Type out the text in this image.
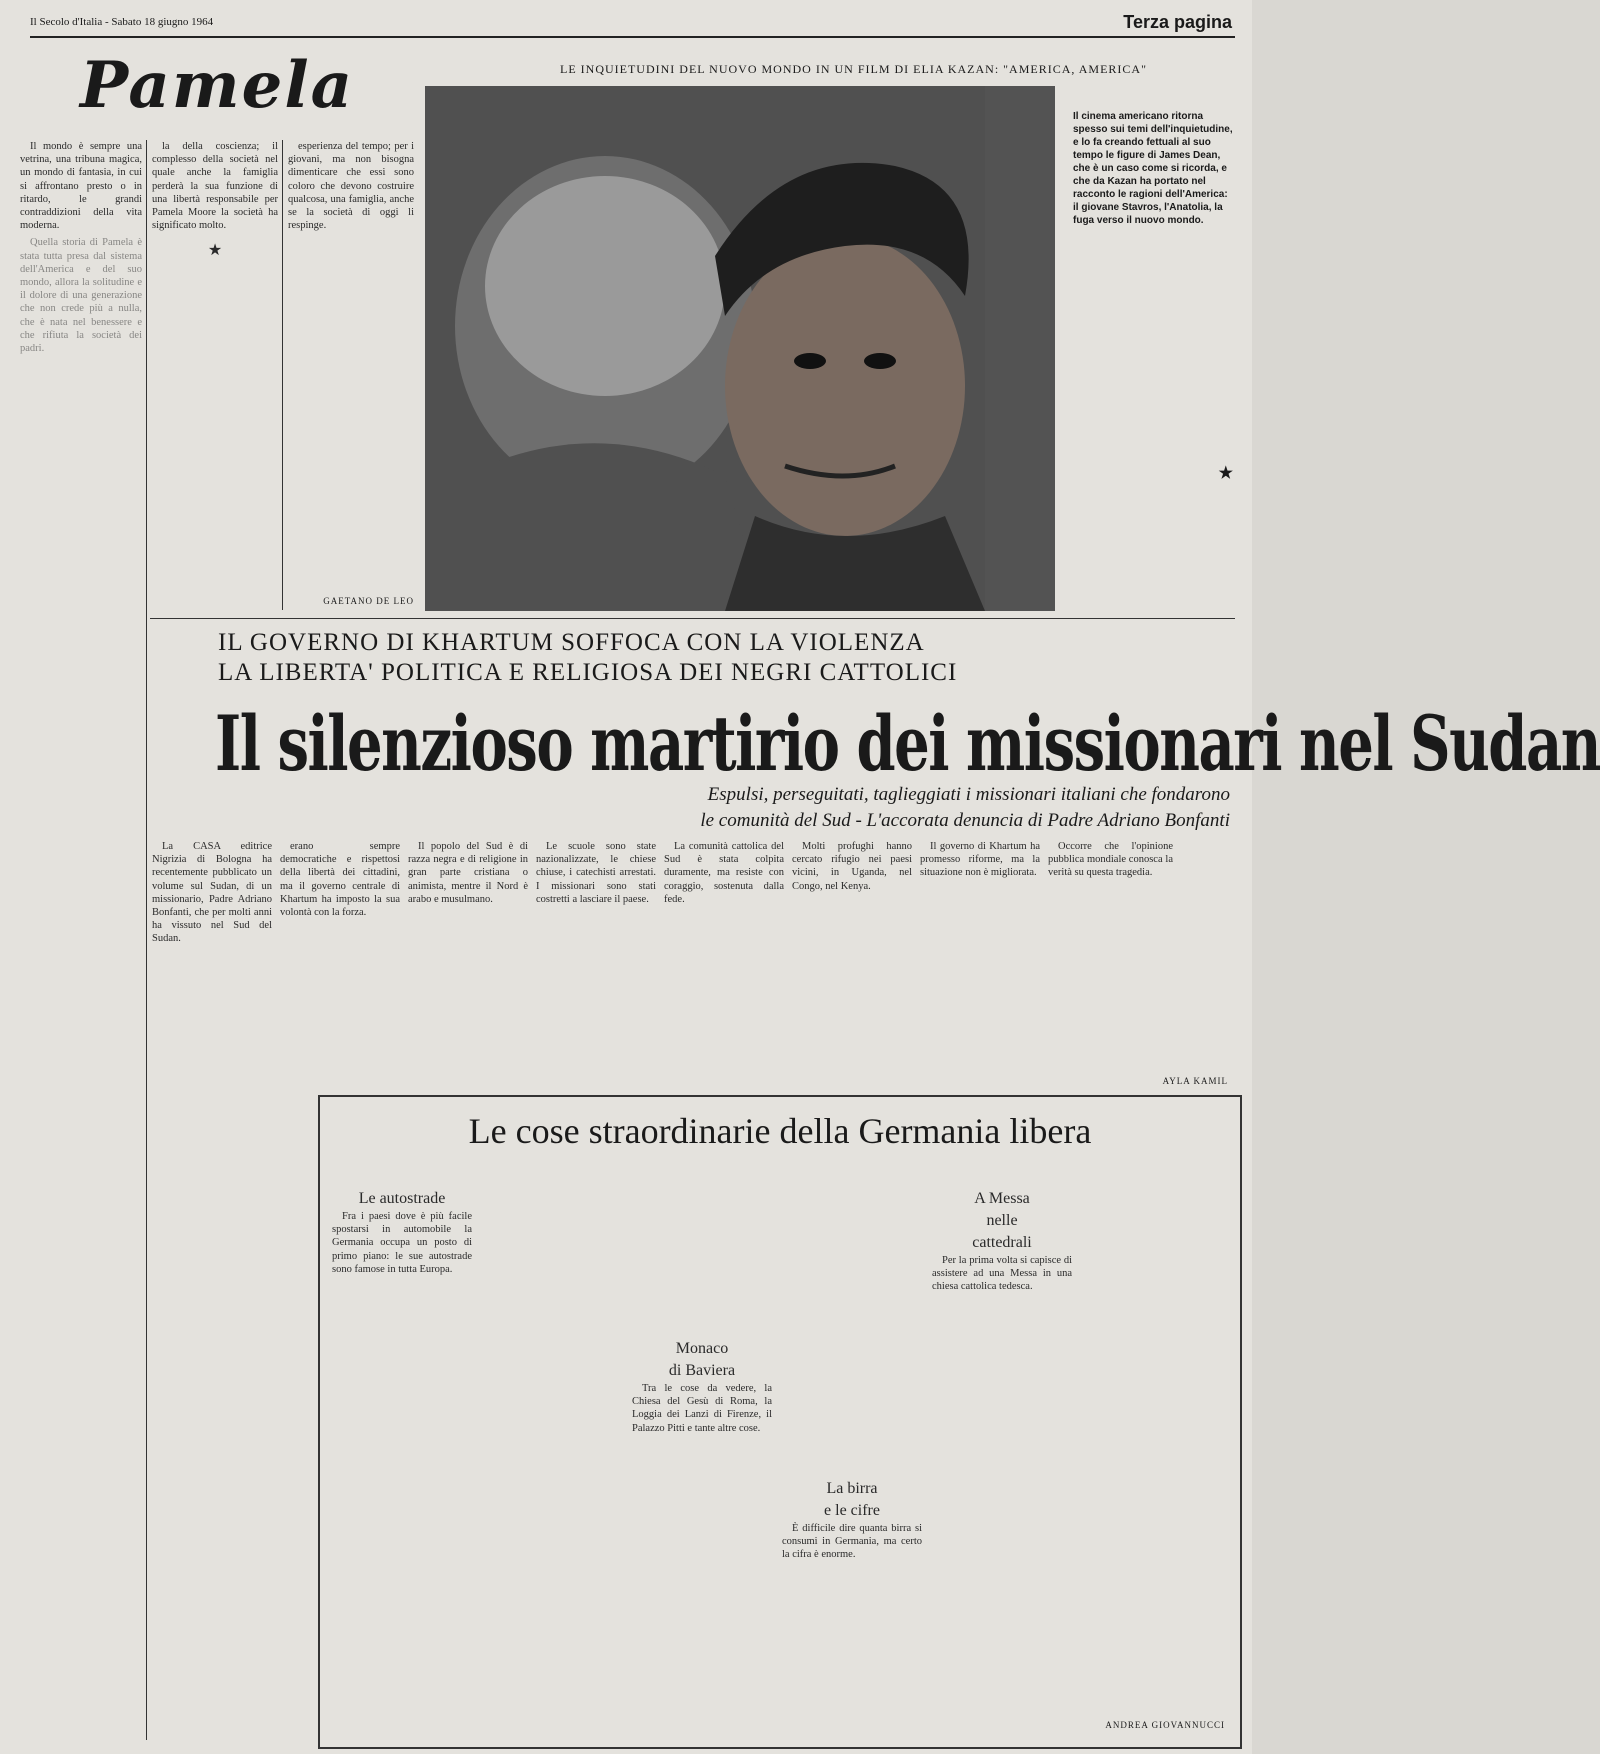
Il Secolo d'Italia - Sabato 18 giugno 1964	Terza pagina
Pamela

Il mondo è sempre una vetrina, una tribuna magica, un mondo di fantasia, in cui si affrontano presto o in ritardo, le grandi contraddizioni della vita moderna.

Quella storia di Pamela è stata tutta presa dal sistema dell'America e del suo mondo, allora la solitudine e il dolore di una generazione che non crede più a nulla, che è nata nel benessere e che rifiuta la società dei padri.

la della coscienza; il complesso della società nel quale anche la famiglia perderà la sua funzione di una libertà responsabile per Pamela Moore la società ha significato molto.

★

esperienza del tempo; per i giovani, ma non bisogna dimenticare che essi sono coloro che devono costruire qualcosa, una famiglia, anche se la società di oggi li respinge.

GAETANO DE LEO
LE INQUIETUDINI DEL NUOVO MONDO IN UN FILM DI ELIA KAZAN: "AMERICA, AMERICA"
Il cinema americano ritorna spesso sui temi dell'inquietudine, e lo fa creando fettuali al suo tempo le figure di James Dean, che è un caso come si ricorda, e che da Kazan ha portato nel racconto le ragioni dell'America: il giovane Stavros, l'Anatolia, la fuga verso il nuovo mondo.
★
IL GOVERNO DI KHARTUM SOFFOCA CON LA VIOLENZA
LA LIBERTA' POLITICA E RELIGIOSA DEI NEGRI CATTOLICI
Il silenzioso martirio dei missionari nel Sudan
Espulsi, perseguitati, taglieggiati i missionari italiani che fondarono
le comunità del Sud - L'accorata denuncia di Padre Adriano Bonfanti

La CASA editrice Nigrizia di Bologna ha recentemente pubblicato un volume sul Sudan, di un missionario, Padre Adriano Bonfanti, che per molti anni ha vissuto nel Sud del Sudan.

erano sempre democratiche e rispettosi della libertà dei cittadini, ma il governo centrale di Khartum ha imposto la sua volontà con la forza.

Il popolo del Sud è di razza negra e di religione in gran parte cristiana o animista, mentre il Nord è arabo e musulmano.

Le scuole sono state nazionalizzate, le chiese chiuse, i catechisti arrestati. I missionari sono stati costretti a lasciare il paese.

La comunità cattolica del Sud è stata colpita duramente, ma resiste con coraggio, sostenuta dalla fede.

Molti profughi hanno cercato rifugio nei paesi vicini, in Uganda, nel Congo, nel Kenya.

Il governo di Khartum ha promesso riforme, ma la situazione non è migliorata.

Occorre che l'opinione pubblica mondiale conosca la verità su questa tragedia.

AYLA KAMIL
Le cose straordinarie della Germania libera
Le autostrade

Fra i paesi dove è più facile spostarsi in automobile la Germania occupa un posto di primo piano: le sue autostrade sono famose in tutta Europa.

Monaco
di Baviera

Tra le cose da vedere, la Chiesa del Gesù di Roma, la Loggia dei Lanzi di Firenze, il Palazzo Pitti e tante altre cose.

La birra
e le cifre

È difficile dire quanta birra si consumi in Germania, ma certo la cifra è enorme.

A Messa
nelle
cattedrali

Per la prima volta si capisce di assistere ad una Messa in una chiesa cattolica tedesca.

ANDREA GIOVANNUCCI
